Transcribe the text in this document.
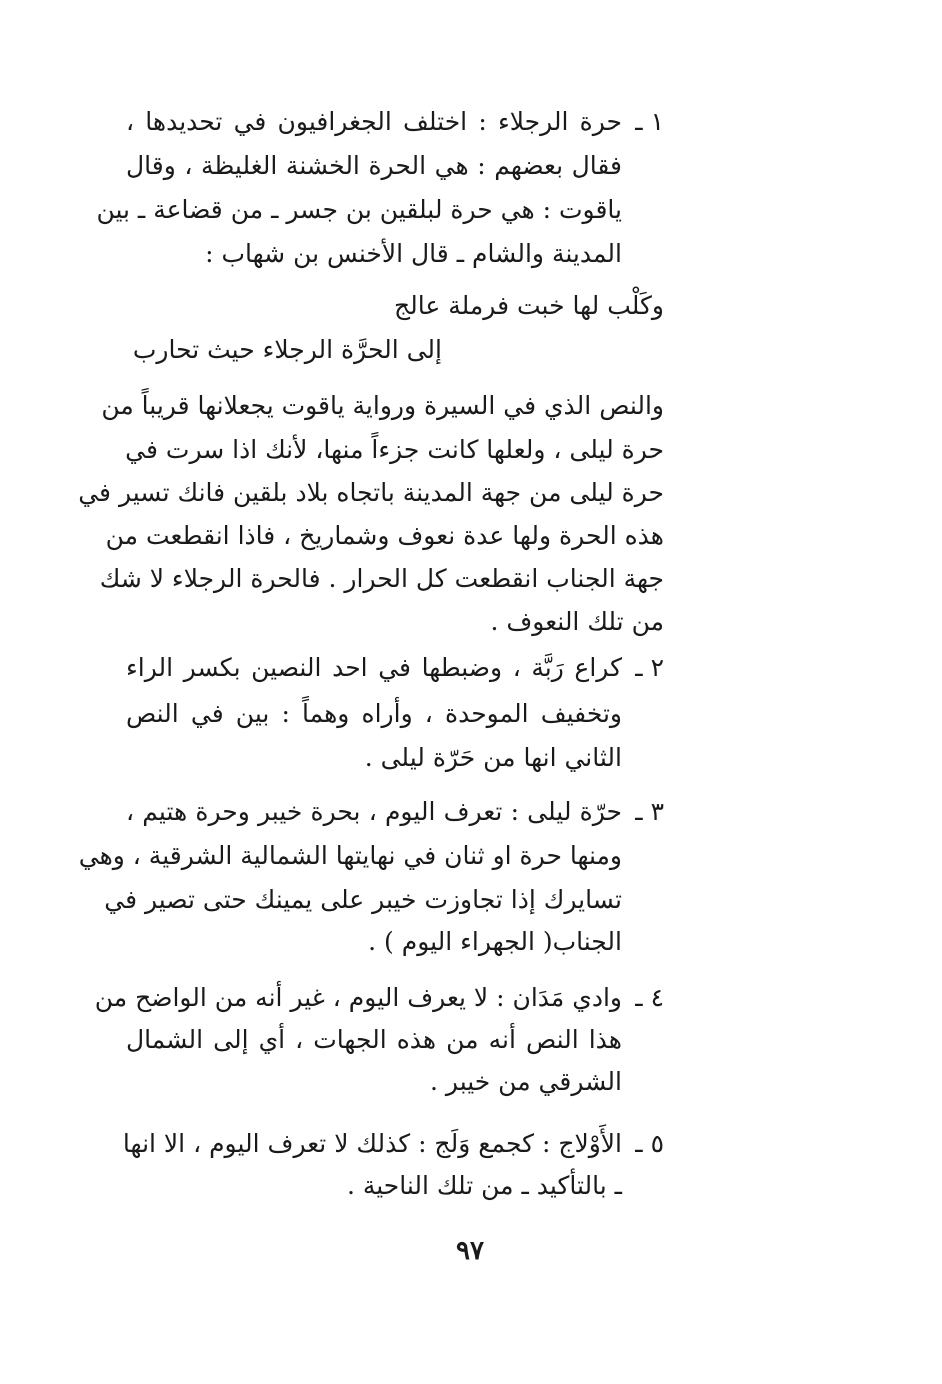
١ ـ
حرة الرجلاء : اختلف الجغرافيون في تحديدها ،
فقال بعضهم : هي الحرة الخشنة الغليظة ، وقال
ياقوت : هي حرة لبلقين بن جسر ـ من قضاعة ـ بين
المدينة والشام ـ قال الأخنس بن شهاب :
وكَلْب لها خبت فرملة عالج
إلى الحرَّة الرجلاء حيث تحارب
والنص الذي في السيرة ورواية ياقوت يجعلانها قريباً من
حرة ليلى ، ولعلها كانت جزءاً منها، لأنك اذا سرت في
حرة ليلى من جهة المدينة باتجاه بلاد بلقين فانك تسير في
هذه الحرة ولها عدة نعوف وشماريخ ، فاذا انقطعت من
جهة الجناب انقطعت كل الحرار . فالحرة الرجلاء لا شك
من تلك النعوف .
٢ ـ
كراع رَبَّة ، وضبطها في احد النصين بكسر الراء
وتخفيف الموحدة ، وأراه وهماً : بين في النص
الثاني انها من حَرّة ليلى .
٣ ـ
حرّة ليلى : تعرف اليوم ، بحرة خيبر وحرة هتيم ،
ومنها حرة او ثنان في نهايتها الشمالية الشرقية ، وهي
تسايرك إذا تجاوزت خيبر على يمينك حتى تصير في
الجناب( الجهراء اليوم ) .
٤ ـ
وادي مَدَان : لا يعرف اليوم ، غير أنه من الواضح من
هذا النص أنه من هذه الجهات ، أي إلى الشمال
الشرقي من خيبر .
٥ ـ
الأَوْلاج : كجمع وَلَج : كذلك لا تعرف اليوم ، الا انها
ـ بالتأكيد ـ من تلك الناحية .
٩٧
